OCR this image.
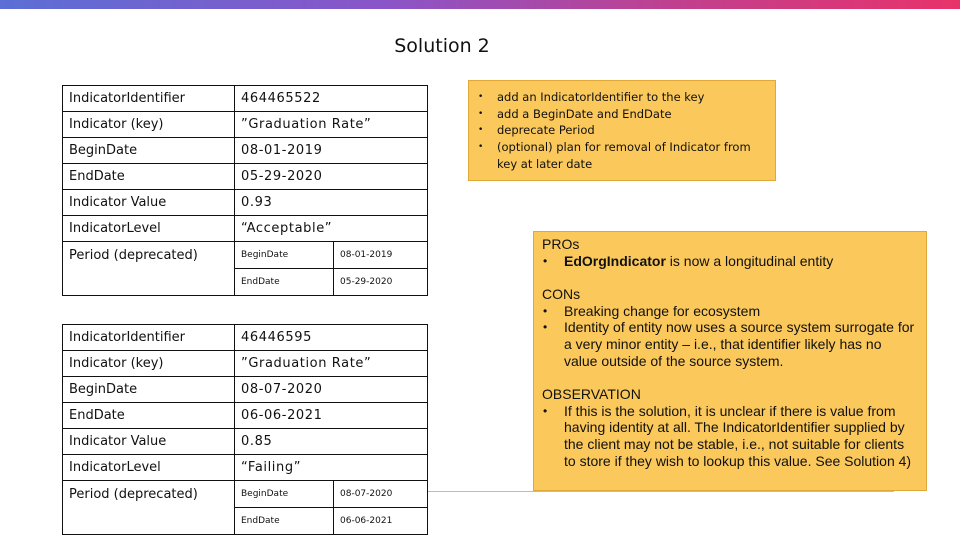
Solution 2
IndicatorIdentifier	464465522
Indicator (key)	”Graduation Rate”
BeginDate	08-01-2019
EndDate	05-29-2020
Indicator Value	0.93
IndicatorLevel	“Acceptable”
Period (deprecated)		BeginDate	08-01-2019
EndDate	05-29-2020
IndicatorIdentifier	46446595
Indicator (key)	”Graduation Rate”
BeginDate	08-07-2020
EndDate	06-06-2021
Indicator Value	0.85
IndicatorLevel	“Failing”
Period (deprecated)		BeginDate	08-07-2020
EndDate	06-06-2021
• add an IndicatorIdentifier to the key
• add a BeginDate and EndDate
• deprecate Period
• (optional) plan for removal of Indicator from key at later date
PROs
• EdOrgIndicator is now a longitudinal entity
CONs
• Breaking change for ecosystem
• Identity of entity now uses a source system surrogate for a very minor entity – i.e., that identifier likely has no value outside of the source system.
OBSERVATION
• If this is the solution, it is unclear if there is value from having identity at all. The IndicatorIdentifier supplied by the client may not be stable, i.e., not suitable for clients to store if they wish to lookup this value. See Solution 4)
